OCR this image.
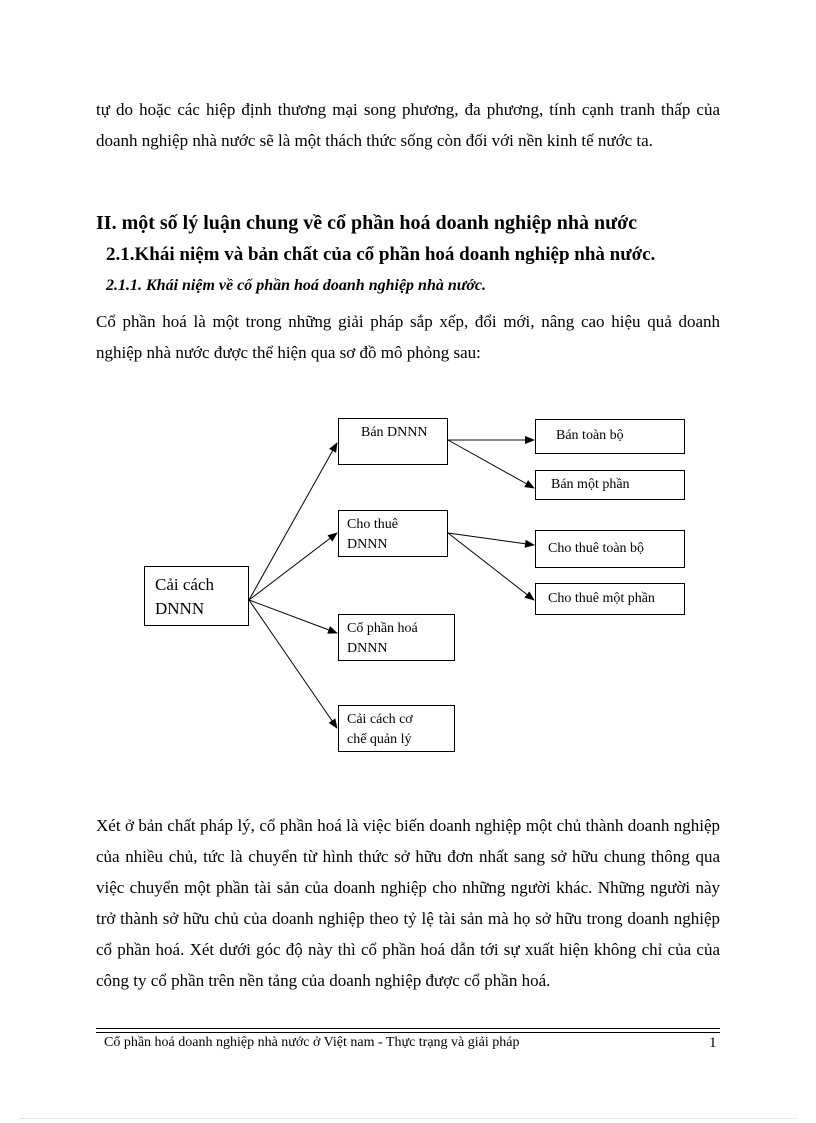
tự do hoặc các hiệp định thương mại song phương, đa phương, tính cạnh tranh thấp của doanh nghiệp nhà nước sẽ là một thách thức sống còn đối với nền kinh tế nước ta.

II. một số lý luận chung về cổ phần hoá doanh nghiệp nhà nước
2.1.Khái niệm và bản chất của cổ phần hoá doanh nghiệp nhà nước.
2.1.1. Khái niệm về cổ phần hoá doanh nghiệp nhà nước.

Cổ phần hoá là một trong những giải pháp sắp xếp, đổi mới, nâng cao hiệu quả doanh nghiệp nhà nước được thể hiện qua sơ đồ mô phỏng sau:

Cải cách
DNNN
Bán DNNN
Cho thuê
DNNN
Cổ phần hoá
DNNN
Cải cách cơ
chế quản lý
Bán toàn bộ
Bán một phần
Cho thuê toàn bộ
Cho thuê một phần

Xét ở bản chất pháp lý, cổ phần hoá là việc biến doanh nghiệp một chủ thành doanh nghiệp của nhiều chủ, tức là chuyển từ hình thức sở hữu đơn nhất sang sở hữu chung thông qua việc chuyển một phần tài sản của doanh nghiệp cho những người khác. Những người này trở thành sở hữu chủ của doanh nghiệp theo tỷ lệ tài sản mà họ sở hữu trong doanh nghiệp cổ phần hoá. Xét dưới góc độ này thì cổ phần hoá dẫn tới sự xuất hiện không chỉ của của công ty cổ phần trên nền tảng của doanh nghiệp được cổ phần hoá.

Cổ phần hoá doanh nghiệp nhà nước ở Việt nam - Thực trạng và giải pháp	1
